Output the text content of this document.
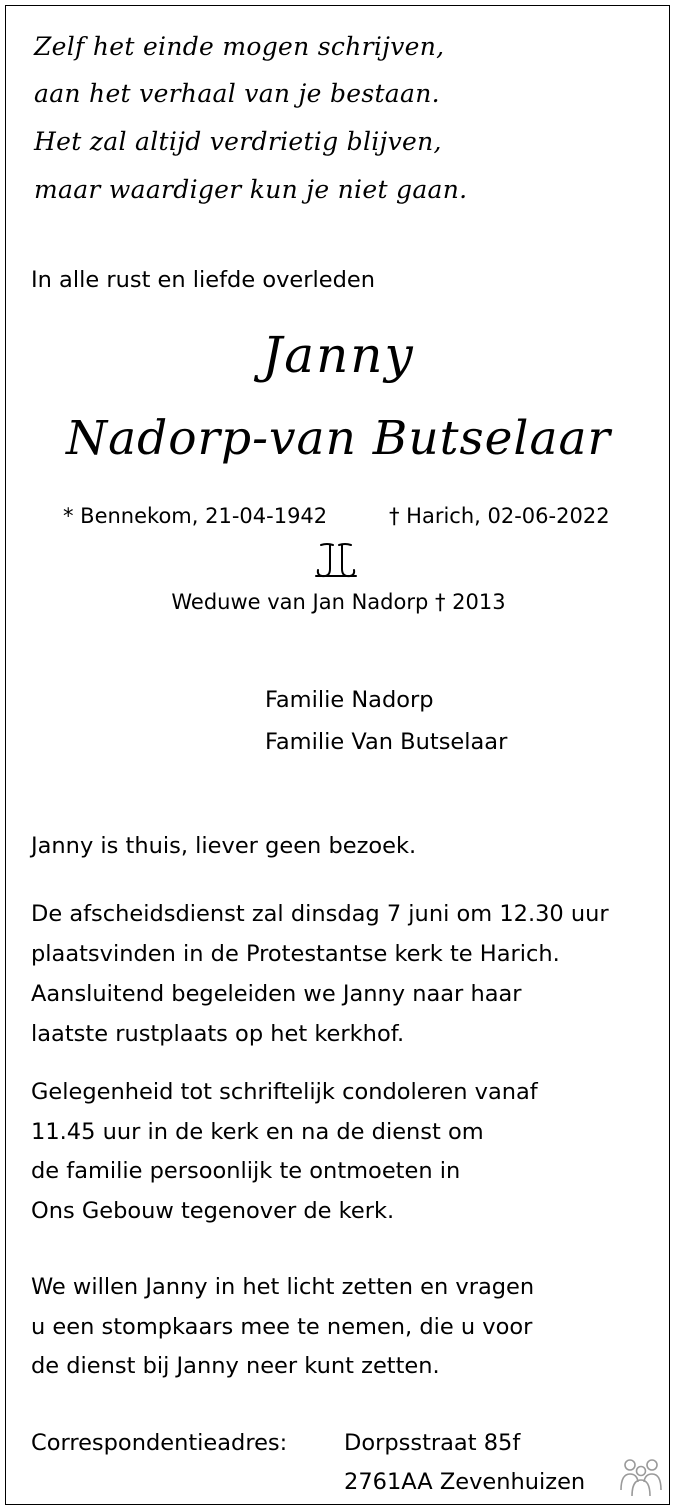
Zelf het einde mogen schrijven,
aan het verhaal van je bestaan.
Het zal altijd verdrietig blijven,
maar waardiger kun je niet gaan.
In alle rust en liefde overleden
Janny
Nadorp-van Butselaar
* Bennekom, 21-04-1942	† Harich, 02-06-2022
Weduwe van Jan Nadorp † 2013
Familie Nadorp
Familie Van Butselaar
Janny is thuis, liever geen bezoek.
De afscheidsdienst zal dinsdag 7 juni om 12.30 uur
plaatsvinden in de Protestantse kerk te Harich.
Aansluitend begeleiden we Janny naar haar
laatste rustplaats op het kerkhof.
Gelegenheid tot schriftelijk condoleren vanaf
11.45 uur in de kerk en na de dienst om
de familie persoonlijk te ontmoeten in
Ons Gebouw tegenover de kerk.
We willen Janny in het licht zetten en vragen
u een stompkaars mee te nemen, die u voor
de dienst bij Janny neer kunt zetten.
Correspondentieadres:	Dorpsstraat 85f
2761AA Zevenhuizen
